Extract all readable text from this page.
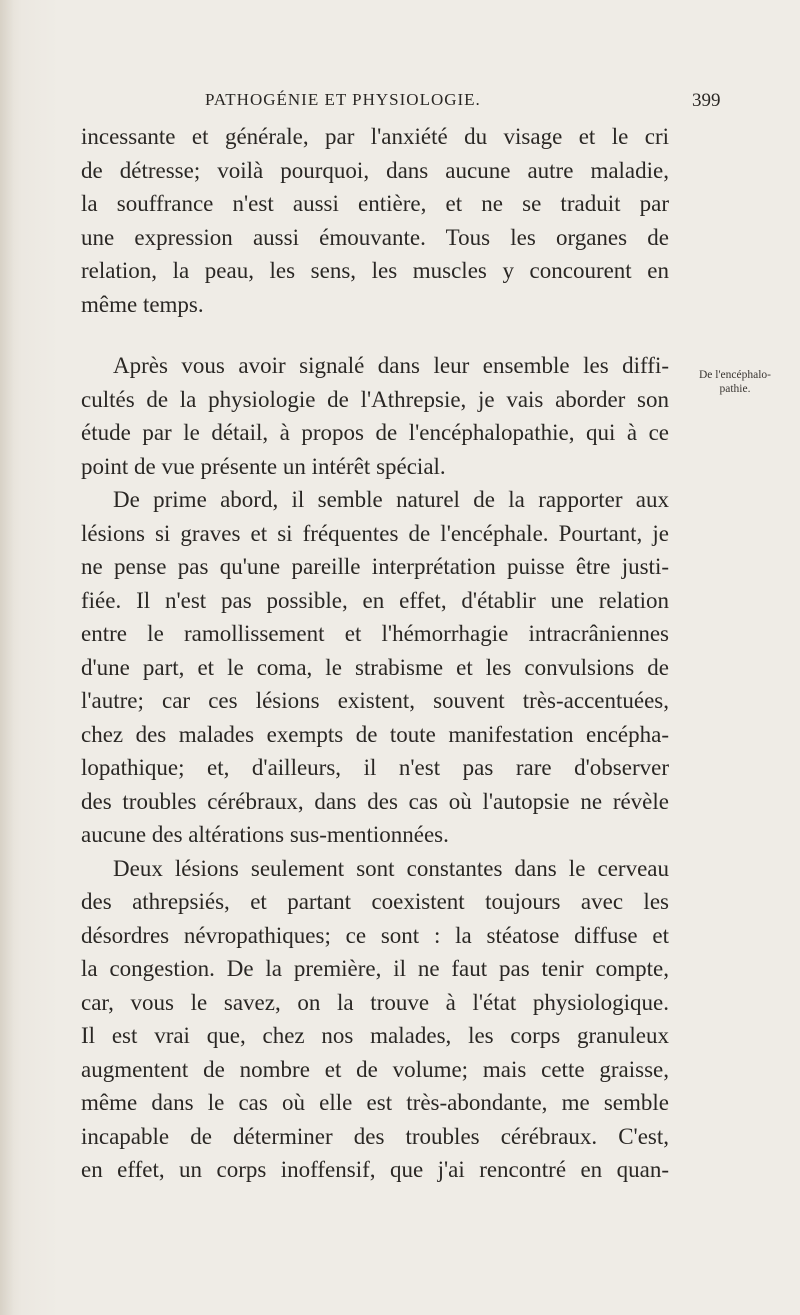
PATHOGÉNIE ET PHYSIOLOGIE.	399
incessante et générale, par l'anxiété du visage et le cri
de détresse; voilà pourquoi, dans aucune autre maladie,
la souffrance n'est aussi entière, et ne se traduit par
une expression aussi émouvante. Tous les organes de
relation, la peau, les sens, les muscles y concourent en
même temps.
Après vous avoir signalé dans leur ensemble les diffi-
cultés de la physiologie de l'Athrepsie, je vais aborder son
étude par le détail, à propos de l'encéphalopathie, qui à ce
point de vue présente un intérêt spécial.
De prime abord, il semble naturel de la rapporter aux
lésions si graves et si fréquentes de l'encéphale. Pourtant, je
ne pense pas qu'une pareille interprétation puisse être justi-
fiée. Il n'est pas possible, en effet, d'établir une relation
entre le ramollissement et l'hémorrhagie intracrâniennes
d'une part, et le coma, le strabisme et les convulsions de
l'autre; car ces lésions existent, souvent très-accentuées,
chez des malades exempts de toute manifestation encépha-
lopathique; et, d'ailleurs, il n'est pas rare d'observer
des troubles cérébraux, dans des cas où l'autopsie ne révèle
aucune des altérations sus-mentionnées.
Deux lésions seulement sont constantes dans le cerveau
des athrepsiés, et partant coexistent toujours avec les
désordres névropathiques; ce sont : la stéatose diffuse et
la congestion. De la première, il ne faut pas tenir compte,
car, vous le savez, on la trouve à l'état physiologique.
Il est vrai que, chez nos malades, les corps granuleux
augmentent de nombre et de volume; mais cette graisse,
même dans le cas où elle est très-abondante, me semble
incapable de déterminer des troubles cérébraux. C'est,
en effet, un corps inoffensif, que j'ai rencontré en quan-
De l'encéphalo-
pathie.
